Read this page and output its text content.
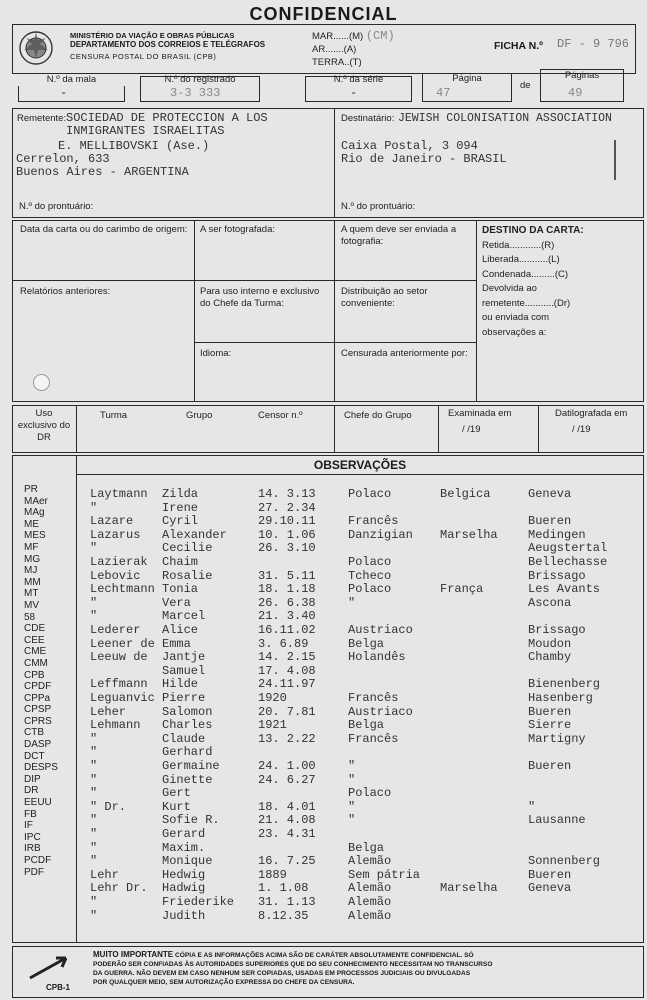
CONFIDENCIAL
MINISTÉRIO DA VIAÇÃO E OBRAS PÚBLICAS
DEPARTAMENTO DOS CORREIOS E TELÉGRAFOS
CENSURA POSTAL DO BRASIL (CPB)
MAR......(M) (CM)
AR.......(A)
TERRA..(T)
FICHA N.º DF - 9 796
N.º da mala
-
N.º do registrado
3-3 333
N.º da série
-
Página
47
de
Páginas
49
Remetente: SOCIEDAD DE PROTECCION A LOS
INMIGRANTES ISRAELITAS
E. MELLIBOVSKI (Ase.)
Cerrelon, 633
Buenos Aires - ARGENTINA
N.º do prontuário:
Destinatário: JEWISH COLONISATION ASSOCIATION
Caixa Postal, 3 094
Rio de Janeiro - BRASIL
N.º do prontuário:
Data da carta ou do carimbo de origem: A ser fotografada:	A quem deve ser enviada a fotografia:
Relatórios anteriores:	Para uso interno e exclusivo do Chefe da Turma:
Distribuição ao setor conveniente:
Idioma:	Censurada anteriormente por:
DESTINO DA CARTA:
Retida............(R)
Liberada...........(L)
Condenada.........(C)
Devolvida ao
remetente...........(Dr)
ou enviada com
observações a:
Uso exclusivo do DR
Turma	Grupo	Censor n.º	Chefe do Grupo	Examinada em
/ /19
Datilografada em
/ /19
OBSERVAÇÕES
PR
MAer
MAg
ME
MES
MF
MG
MJ
MM
MT
MV
58
CDE
CEE
CME
CMM
CPB
CPDF
CPPa
CPSP
CPRS
CTB
DASP
DCT
DESPS
DIP
DR
EEUU
FB
IF
IPC
IRB
PCDF
PDF
Laytmann Zilda	14. 3.13	Polaco	Belgica	Geneva
"	Irene	27. 2.34
Lazare Cyril	29.10.11	Francês	Bueren
Lazarus Alexander	10. 1.06	Danzigian Marselha	Medingen
"	Cecilie	26. 3.10	Aeugstertal
Lazierak Chaim	Polaco	Bellechasse
Lebovic Rosalie	31. 5.11	Tcheco	Brissago
Lechtmann Tonia	18. 1.18	Polaco	França	Les Avants
"	Vera	26. 6.38	"	Ascona
"	Marcel	21. 3.40
Lederer Alice	16.11.02	Austriaco	Brissago
Leener de Emma	3. 6.89	Belga	Moudon
Leeuw de Jantje	14. 2.15	Holandês	Chamby
Samuel	17. 4.08
Leffmann Hilde	24.11.97	Bienenberg
Leguanvic Pierre	1920	Francês	Hasenberg
Leher	Salomon	20. 7.81	Austriaco	Bueren
Lehmann Charles	1921	Belga	Sierre
"	Claude	13. 2.22	Francês	Martigny
"	Gerhard
"	Germaine	24. 1.00	"	Bueren
"	Ginette	24. 6.27	"
"	Gert	Polaco
" Dr.	Kurt	18. 4.01	"	"
"	Sofie R.	21. 4.08	"	Lausanne
"	Gerard	23. 4.31
"	Maxim.	Belga
"	Monique	16. 7.25	Alemão	Sonnenberg
Lehr	Hedwig	1889	Sem pátria	Bueren
Lehr Dr. Hadwig	1. 1.08	Alemão	Marselha	Geneva
"	Friederike 31. 1.13	Alemão
"	Judith	8.12.35	Alemão
CPB-1
MUITO IMPORTANTE CÓPIA E AS INFORMAÇÕES ACIMA SÃO DE CARÁTER ABSOLUTAMENTE CONFIDENCIAL. SÓ
PODERÃO SER CONFIADAS ÀS AUTORIDADES SUPERIORES QUE DO SEU CONHECIMENTO NECESSITAM NO TRANSCURSO
DA GUERRA. NÃO DEVEM EM CASO NENHUM SER COPIADAS, USADAS EM PROCESSOS JUDICIAIS OU DIVULGADAS
POR QUALQUER MEIO, SEM AUTORIZAÇÃO EXPRESSA DO CHEFE DA CENSURA.
